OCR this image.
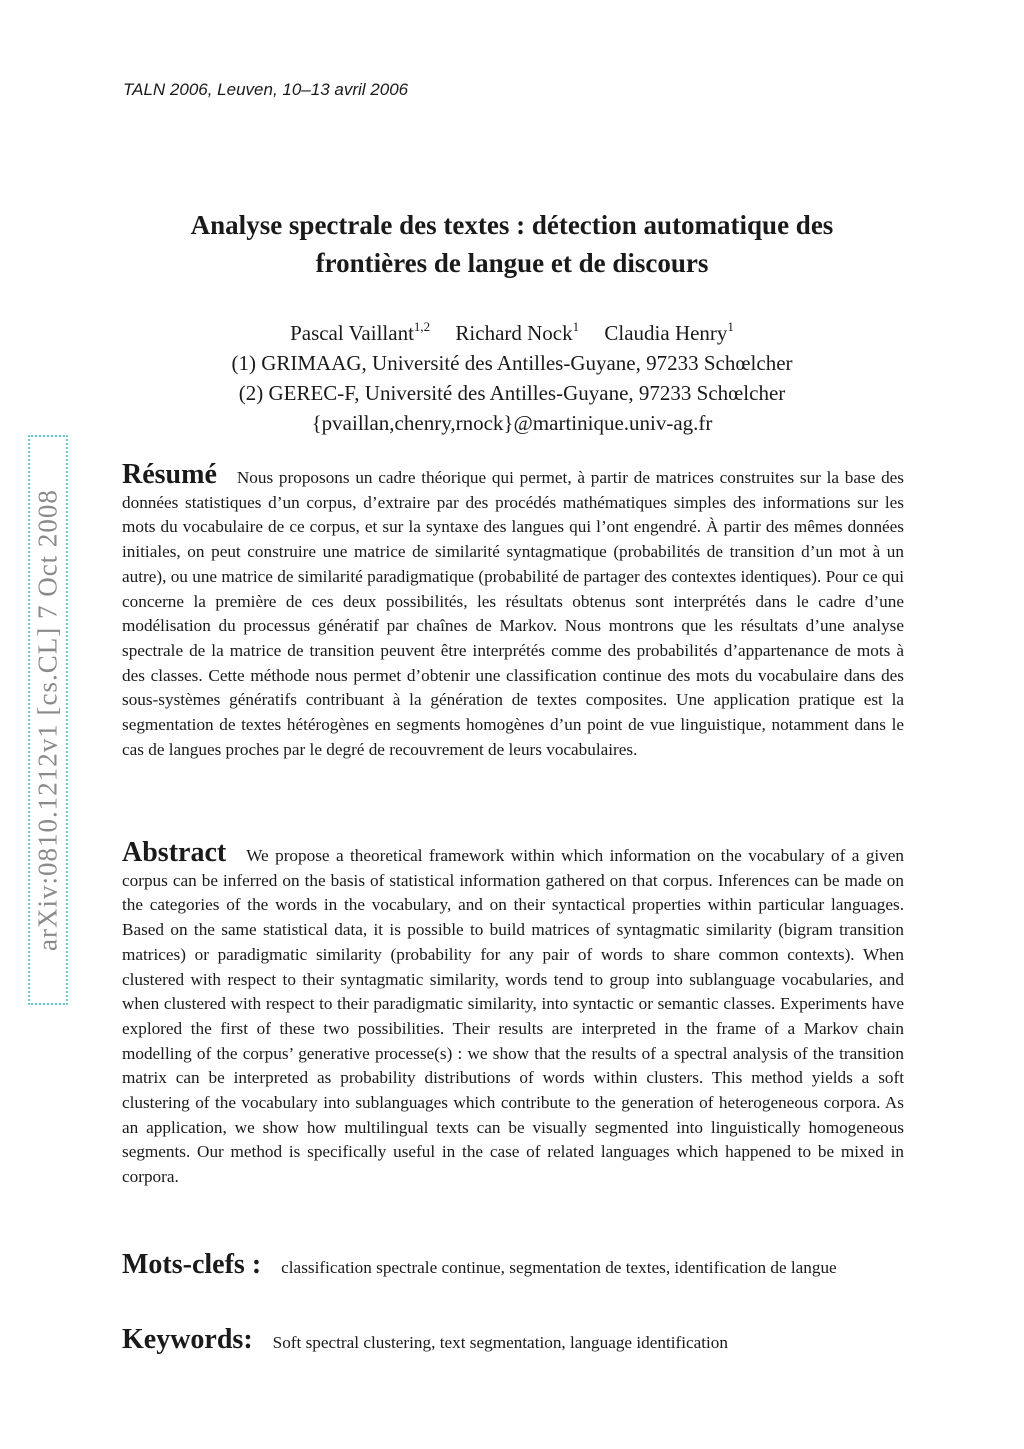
TALN 2006, Leuven, 10–13 avril 2006
Analyse spectrale des textes : détection automatique des
frontières de langue et de discours
Pascal Vaillant$^{1,2}$ Richard Nock$^1$ Claudia Henry$^1$
(1) GRIMAAG, Université des Antilles-Guyane, 97233 Schœlcher
(2) GEREC-F, Université des Antilles-Guyane, 97233 Schœlcher
{pvaillan,chenry,rnock}@martinique.univ-ag.fr
arXiv:0810.1212v1 [cs.CL] 7 Oct 2008
Résumé Nous proposons un cadre théorique qui permet, à partir de matrices construites sur la base des données statistiques d’un corpus, d’extraire par des procédés mathématiques simples des informations sur les mots du vocabulaire de ce corpus, et sur la syntaxe des langues qui l’ont engendré. À partir des mêmes données initiales, on peut construire une matrice de similarité syntagmatique (probabilités de transition d’un mot à un autre), ou une matrice de similarité paradigmatique (probabilité de partager des contextes identiques). Pour ce qui concerne la première de ces deux possibilités, les résultats obtenus sont interprétés dans le cadre d’une modélisation du processus génératif par chaînes de Markov. Nous montrons que les résultats d’une analyse spectrale de la matrice de transition peuvent être interprétés comme des probabilités d’appartenance de mots à des classes. Cette méthode nous permet d’obtenir une classification continue des mots du vocabulaire dans des sous-systèmes génératifs contribuant à la génération de textes composites. Une application pratique est la segmentation de textes hétérogènes en segments homogènes d’un point de vue linguistique, notamment dans le cas de langues proches par le degré de recouvrement de leurs vocabulaires.
Abstract We propose a theoretical framework within which information on the vocabulary of a given corpus can be inferred on the basis of statistical information gathered on that corpus. Inferences can be made on the categories of the words in the vocabulary, and on their syntactical properties within particular languages. Based on the same statistical data, it is possible to build matrices of syntagmatic similarity (bigram transition matrices) or paradigmatic similarity (probability for any pair of words to share common contexts). When clustered with respect to their syntagmatic similarity, words tend to group into sublanguage vocabularies, and when clustered with respect to their paradigmatic similarity, into syntactic or semantic classes. Experiments have explored the first of these two possibilities. Their results are interpreted in the frame of a Markov chain modelling of the corpus’ generative processe(s) : we show that the results of a spectral analysis of the transition matrix can be interpreted as probability distributions of words within clusters. This method yields a soft clustering of the vocabulary into sublanguages which contribute to the generation of heterogeneous corpora. As an application, we show how multilingual texts can be visually segmented into linguistically homogeneous segments. Our method is specifically useful in the case of related languages which happened to be mixed in corpora.
Mots-clefs : classification spectrale continue, segmentation de textes, identification de langue
Keywords: Soft spectral clustering, text segmentation, language identification
